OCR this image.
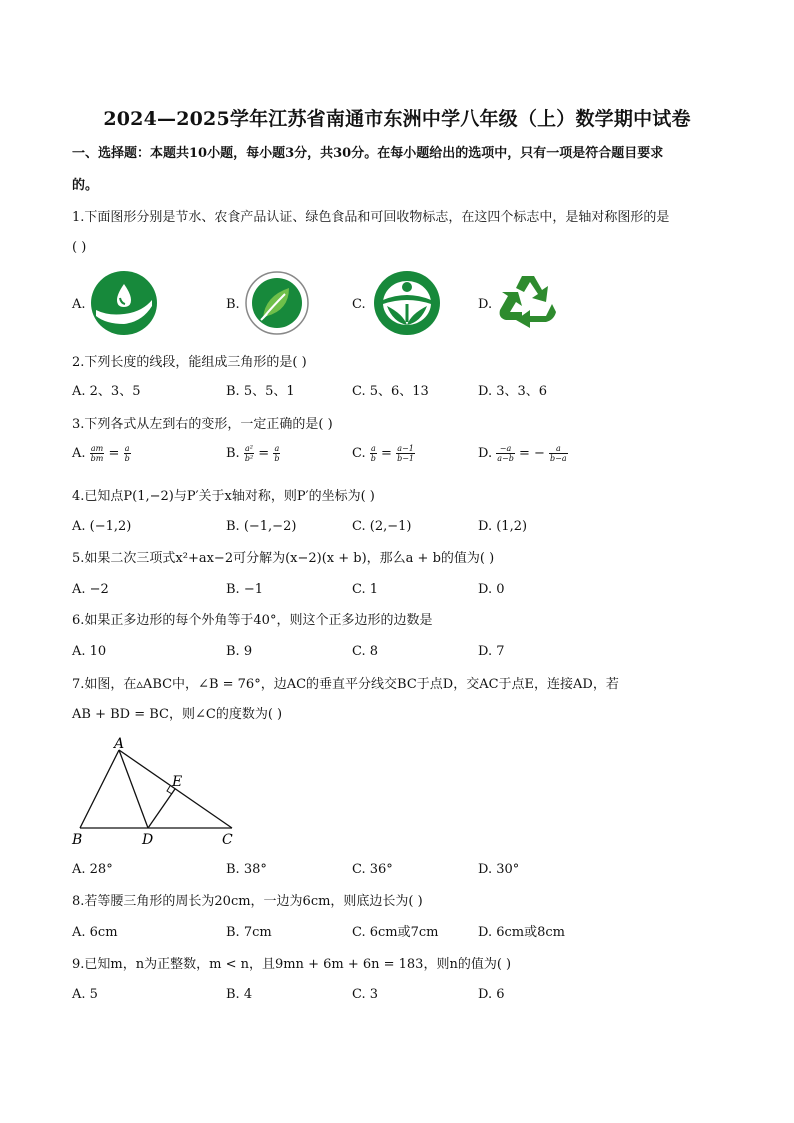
2024—2025学年江苏省南通市东洲中学八年级（上）数学期中试卷
一、选择题：本题共10小题，每小题3分，共30分。在每小题给出的选项中，只有一项是符合题目要求
的。
1.下面图形分别是节水、农食产品认证、绿色食品和可回收物标志，在这四个标志中，是轴对称图形的是
( )
A.	B.	C.	D.
2.下列长度的线段，能组成三角形的是( )
A. 2、3、5	B. 5、5、1	C. 5、6、13	D. 3、3、6
3.下列各式从左到右的变形，一定正确的是( )
A. $\frac{am}{bm} = \frac{a}{b}$	B. $\frac{\text{a²}}{\text{b²}} = \frac{a}{b}$	C. $\frac{a}{b} = \frac{a-1}{b-1}$	D. $\frac{-a}{a-b}$ = − $\frac{a}{b-a}$
4.已知点P(1,−2)与P′关于x轴对称，则P′的坐标为( )
A. (−1,2)	B. (−1,−2)	C. (2,−1)	D. (1,2)
5.如果二次三项式x²+ax−2可分解为(x−2)(x + b)，那么a + b的值为( )
A. −2	B. −1	C. 1	D. 0
6.如果正多边形的每个外角等于40°，则这个正多边形的边数是
A. 10	B. 9	C. 8	D. 7
7.如图，在▵ABC中，∠B = 76°，边AC的垂直平分线交BC于点D，交AC于点E，连接AD，若
AB + BD = BC，则∠C的度数为( )
A
B	C
D
E
A. 28°	B. 38°	C. 36°	D. 30°
8.若等腰三角形的周长为20cm，一边为6cm，则底边长为( )
A. 6cm	B. 7cm	C. 6cm或7cm	D. 6cm或8cm
9.已知m，n为正整数，m < n，且9mn + 6m + 6n = 183，则n的值为( )
A. 5	B. 4	C. 3	D. 6
